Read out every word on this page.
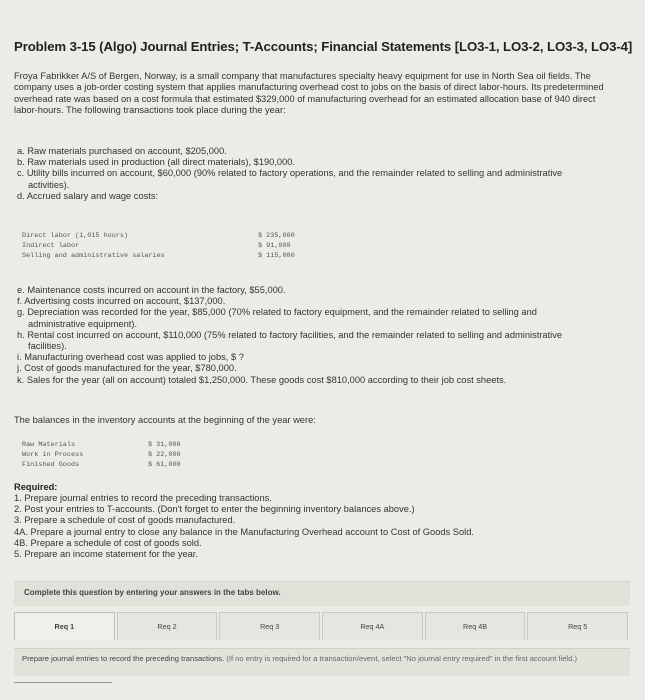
Problem 3-15 (Algo) Journal Entries; T-Accounts; Financial Statements [LO3-1, LO3-2, LO3-3, LO3-4]
Froya Fabrikker A/S of Bergen, Norway, is a small company that manufactures specialty heavy equipment for use in North Sea oil fields. The company uses a job-order costing system that applies manufacturing overhead cost to jobs on the basis of direct labor-hours. Its predetermined overhead rate was based on a cost formula that estimated $329,000 of manufacturing overhead for an estimated allocation base of 940 direct labor-hours. The following transactions took place during the year:
a. Raw materials purchased on account, $205,000.
b. Raw materials used in production (all direct materials), $190,000.
c. Utility bills incurred on account, $60,000 (90% related to factory operations, and the remainder related to selling and administrative
activities).
d. Accrued salary and wage costs:
Direct labor (1,015 hours)	$ 235,000
Indirect labor	$ 91,000
Selling and administrative salaries	$ 115,000
e. Maintenance costs incurred on account in the factory, $55,000.
f. Advertising costs incurred on account, $137,000.
g. Depreciation was recorded for the year, $85,000 (70% related to factory equipment, and the remainder related to selling and
administrative equipment).
h. Rental cost incurred on account, $110,000 (75% related to factory facilities, and the remainder related to selling and administrative
facilities).
i. Manufacturing overhead cost was applied to jobs, $ ?
j. Cost of goods manufactured for the year, $780,000.
k. Sales for the year (all on account) totaled $1,250,000. These goods cost $810,000 according to their job cost sheets.
The balances in the inventory accounts at the beginning of the year were:
Raw Materials	$ 31,000
Work in Process	$ 22,000
Finished Goods	$ 61,000
Required:
1. Prepare journal entries to record the preceding transactions.
2. Post your entries to T-accounts. (Don't forget to enter the beginning inventory balances above.)
3. Prepare a schedule of cost of goods manufactured.
4A. Prepare a journal entry to close any balance in the Manufacturing Overhead account to Cost of Goods Sold.
4B. Prepare a schedule of cost of goods sold.
5. Prepare an income statement for the year.
Complete this question by entering your answers in the tabs below.
Req 1	Req 2	Req 3	Req 4A	Req 4B	Req 5
Prepare journal entries to record the preceding transactions. (If no entry is required for a transaction/event, select "No journal entry required" in the first account field.)
